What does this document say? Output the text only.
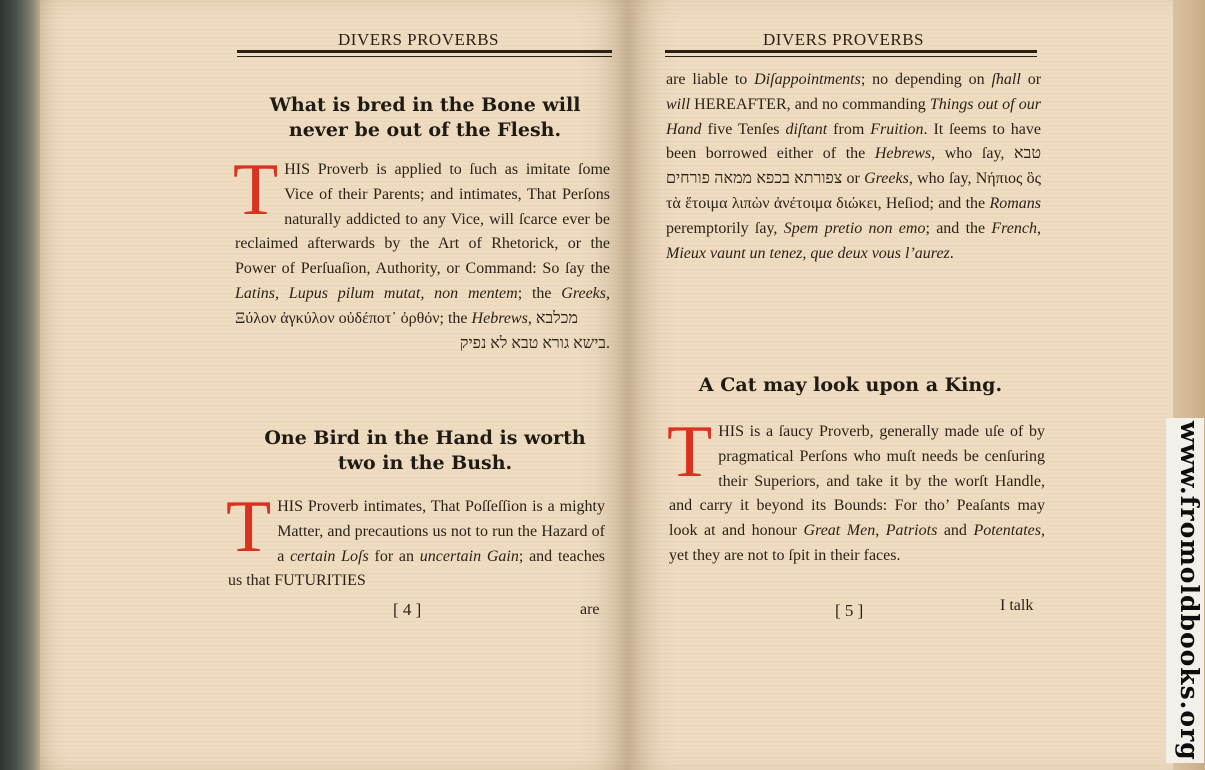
DIVERS PROVERBS
What is bred in the Bone will
never be out of the Flesh.
T HIS Proverb is applied to ſuch as imitate ſome Vice of their Parents; and intimates, That Perſons naturally addicted to any Vice, will ſcarce ever be reclaimed afterwards by the Art of Rhetorick, or the Power of Perſuaſion, Authority, or Command: So ſay the Latins, Lupus pilum mutat, non mentem; the Greeks, Ξύλον ἀγκύλον οὐδέποτ᾽ ὀρθόν; the Hebrews, מכלבא

בישא גורא טבא לא נפיק.
One Bird in the Hand is worth
two in the Bush.
T HIS Proverb intimates, That Poſſeſſion is a mighty Matter, and precautions us not to run the Hazard of a certain Loſs for an uncertain Gain; and teaches us that FUTURITIES
[ 4 ]	are
DIVERS PROVERBS
are liable to Diſappointments; no depending on ſhall or will HEREAFTER, and no commanding Things out of our Hand five Tenſes diſtant from Fruition. It ſeems to have been borrowed either of the Hebrews, who ſay, טבא צפורתא בכפא ממאה פורחים or Greeks, who ſay, Νήπιος ὃς τὰ ἕτοιμα λιπὼν ἀνέτοιμα διώκει, Heſiod; and the Romans peremptorily ſay, Spem pretio non emo; and the French, Mieux vaunt un tenez, que deux vous l’aurez.
A Cat may look upon a King.
T HIS is a ſaucy Proverb, generally made uſe of by pragmatical Perſons who muſt needs be cenſuring their Superiors, and take it by the worſt Handle, and carry it beyond its Bounds: For tho’ Peaſants may look at and honour Great Men, Patriots and Potentates, yet they are not to ſpit in their faces.
[ 5 ]	I talk	www.fromoldbooks.org
